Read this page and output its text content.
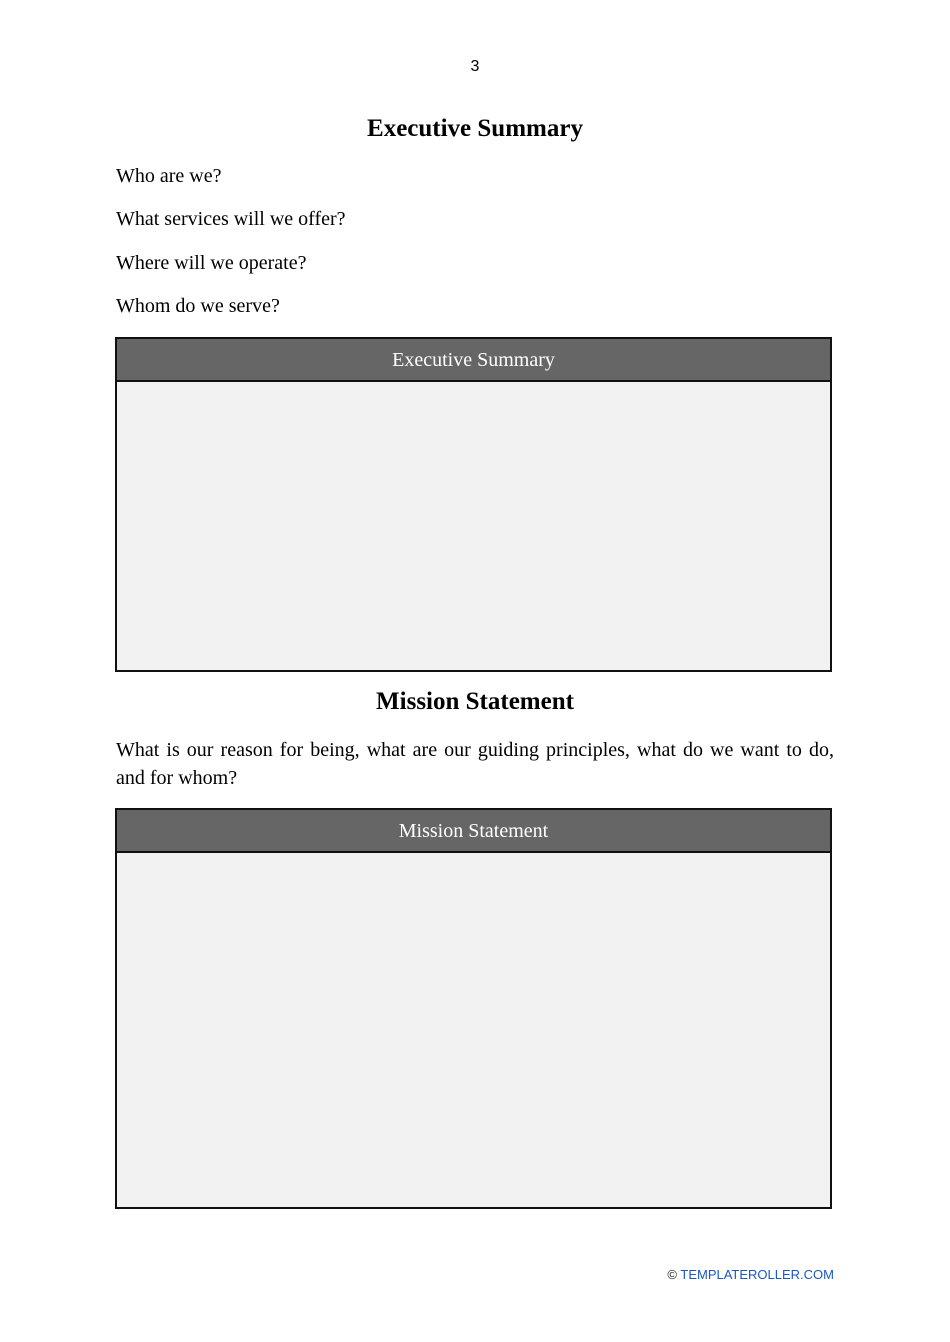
3
Executive Summary
Who are we?
What services will we offer?
Where will we operate?
Whom do we serve?
Executive Summary
Mission Statement
What is our reason for being, what are our guiding principles, what do we want to do, and for whom?
Mission Statement
© TEMPLATEROLLER.COM
